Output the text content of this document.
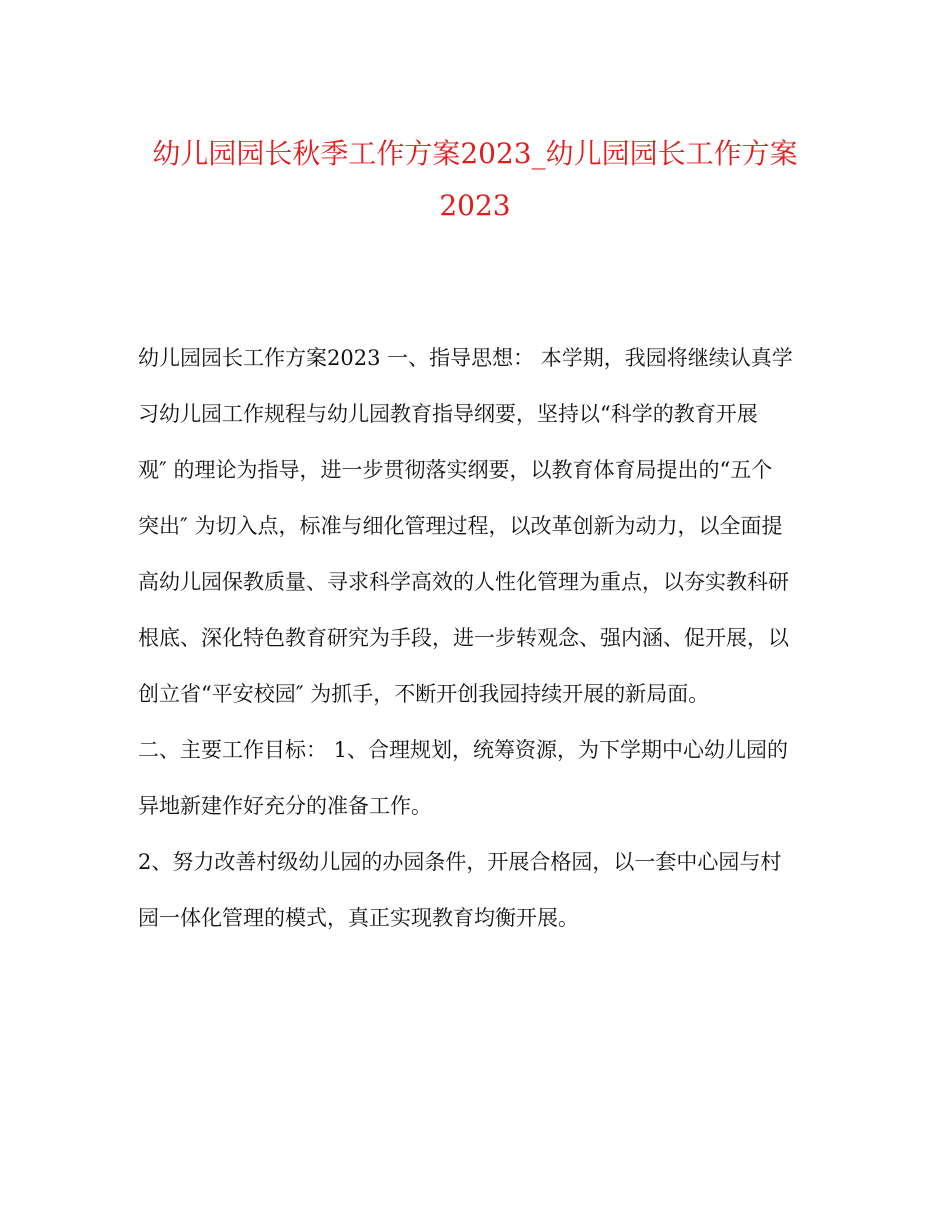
幼儿园园长秋季工作方案2023_幼儿园园长工作方案
2023
幼儿园园长工作方案2023 一、指导思想： 本学期，我园将继续认真学
习幼儿园工作规程与幼儿园教育指导纲要，坚持以“科学的教育开展
观″ 的理论为指导，进一步贯彻落实纲要，以教育体育局提出的“五个
突出″ 为切入点，标准与细化管理过程，以改革创新为动力，以全面提
高幼儿园保教质量、寻求科学高效的人性化管理为重点，以夯实教科研
根底、深化特色教育研究为手段，进一步转观念、强内涵、促开展，以
创立省“平安校园″ 为抓手，不断开创我园持续开展的新局面。
二、主要工作目标： 1、合理规划，统筹资源，为下学期中心幼儿园的
异地新建作好充分的准备工作。
2、努力改善村级幼儿园的办园条件，开展合格园，以一套中心园与村
园一体化管理的模式，真正实现教育均衡开展。
